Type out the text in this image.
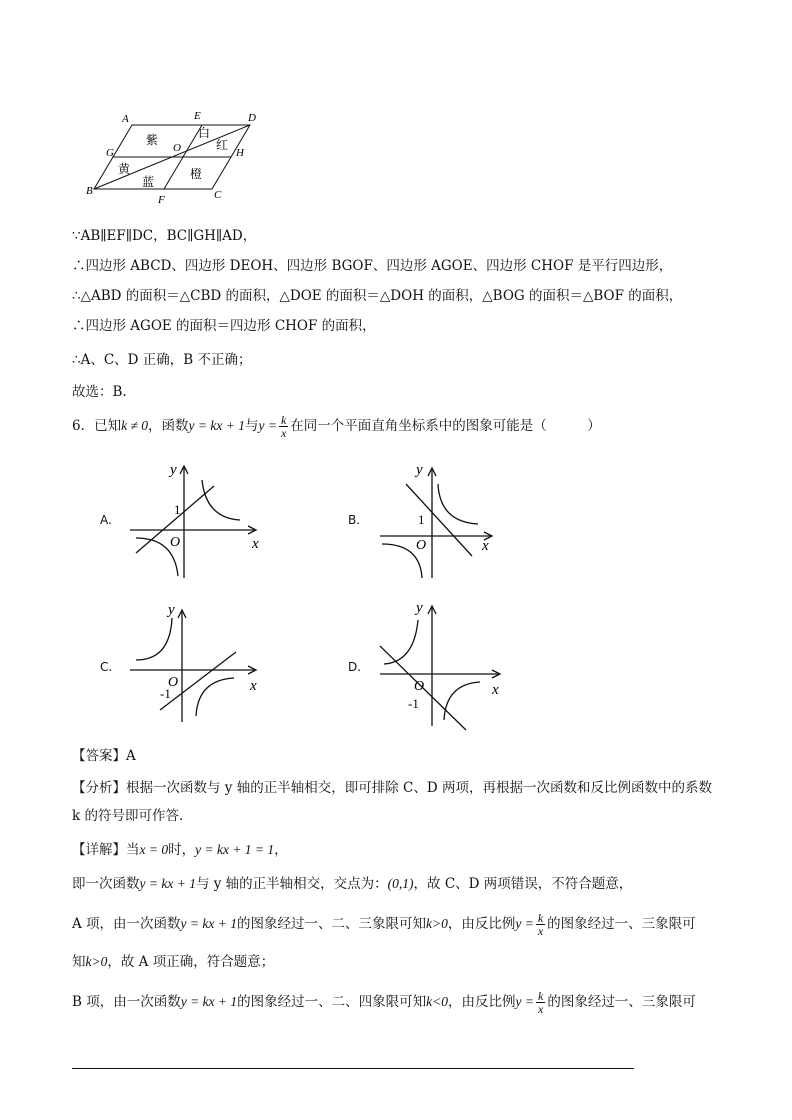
A	E	D
G	O	H
B
F	C
紫	白
红
黄
蓝
橙
∵AB∥EF∥DC，BC∥GH∥AD，
∴四边形 ABCD、四边形 DEOH、四边形 BGOF、四边形 AGOE、四边形 CHOF 是平行四边形，
∴△ABD 的面积＝△CBD 的面积，△DOE 的面积＝△DOH 的面积，△BOG 的面积＝△BOF 的面积，
∴四边形 AGOE 的面积＝四边形 CHOF 的面积，
∴A、C、D 正确，B 不正确；
故选：B.
6．已知k ≠ 0，函数y = kx + 1与$y = \frac{k}{x}$ 在同一个平面直角坐标系中的图象可能是（　　　）
A.	B.
C.	D.
y
x
O
1
y
x
O
1
y
x
O
-1
y
x
O
-1
【答案】A
【分析】根据一次函数与 y 轴的正半轴相交，即可排除 C、D 两项，再根据一次函数和反比例函数中的系数
k 的符号即可作答.
【详解】当x = 0时，y = kx + 1 = 1，
即一次函数y = kx + 1与 y 轴的正半轴相交，交点为：(0,1)，故 C、D 两项错误，不符合题意，
A 项，由一次函数y = kx + 1的图象经过一、二、三象限可知k>0，由反比例$y = \frac{k}{x}$ 的图象经过一、三象限可
知k>0，故 A 项正确，符合题意；
B 项，由一次函数y = kx + 1的图象经过一、二、四象限可知k<0，由反比例$y = \frac{k}{x}$ 的图象经过一、三象限可
